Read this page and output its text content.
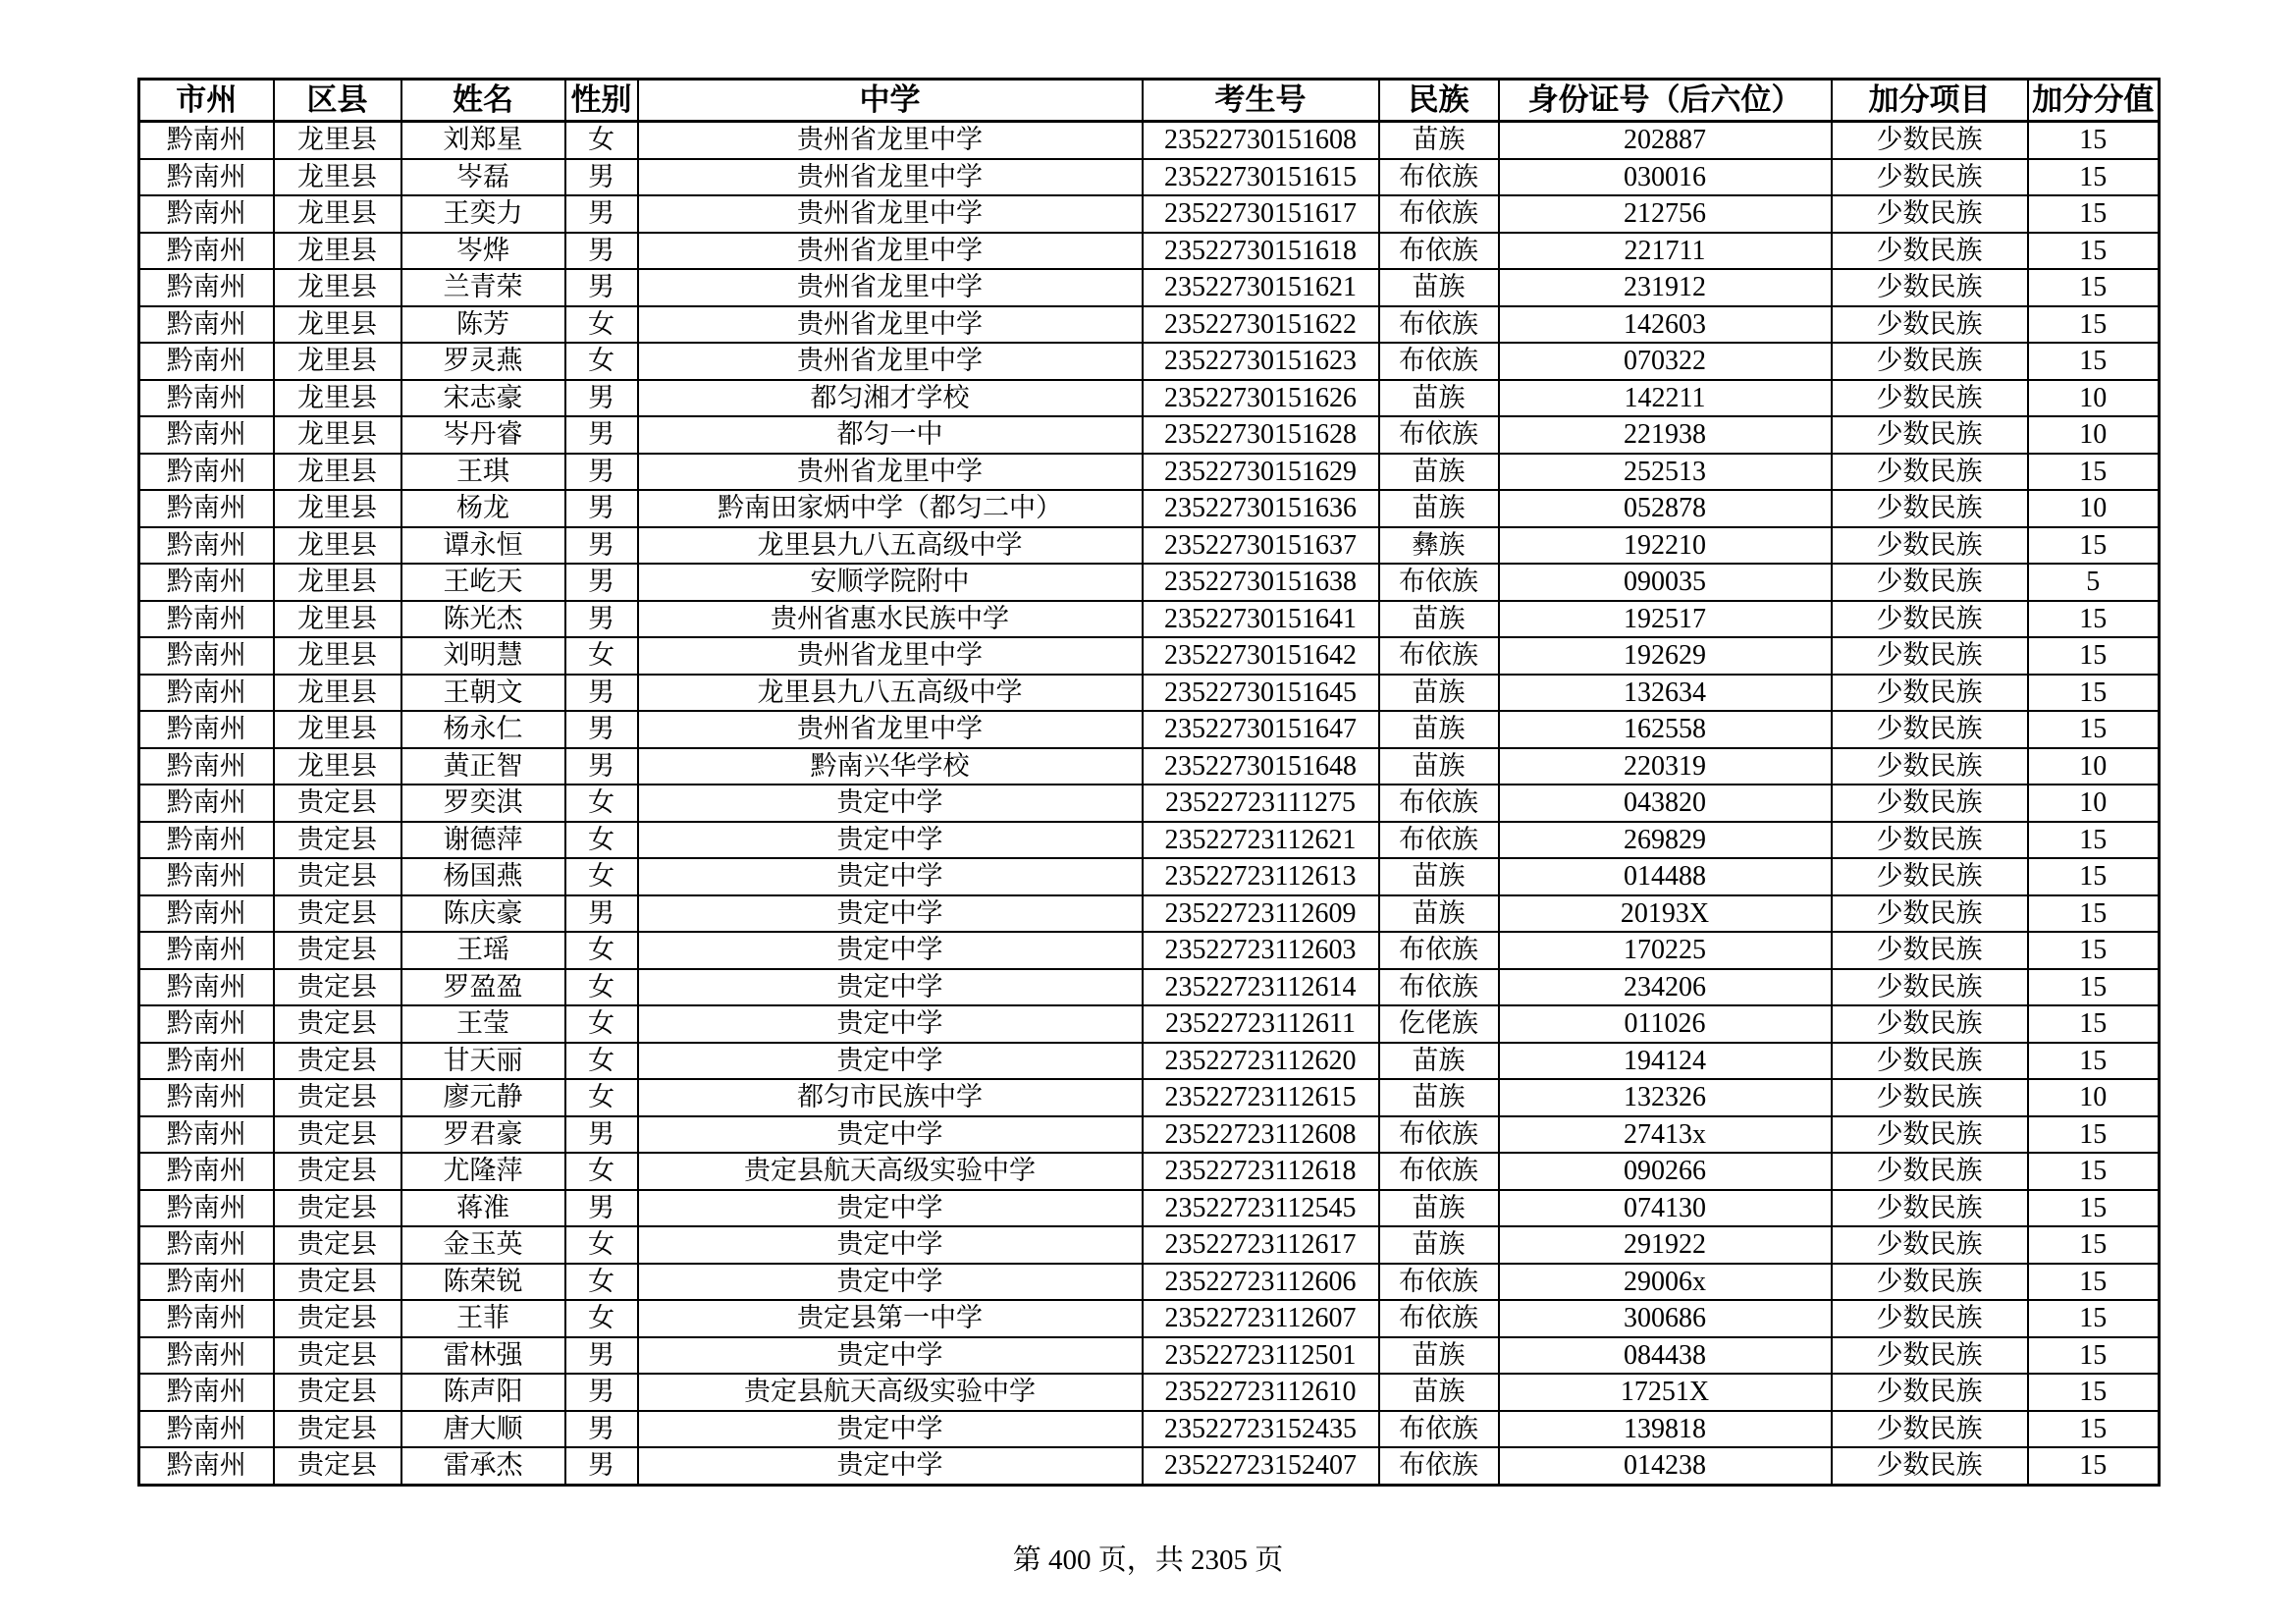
市州	区县	姓名	性别	中学	考生号	民族	身份证号（后六位）	加分项目	加分分值
黔南州	龙里县	刘郑星	女	贵州省龙里中学	23522730151608	苗族	202887	少数民族	15
黔南州	龙里县	岑磊	男	贵州省龙里中学	23522730151615	布依族	030016	少数民族	15
黔南州	龙里县	王奕力	男	贵州省龙里中学	23522730151617	布依族	212756	少数民族	15
黔南州	龙里县	岑烨	男	贵州省龙里中学	23522730151618	布依族	221711	少数民族	15
黔南州	龙里县	兰青荣	男	贵州省龙里中学	23522730151621	苗族	231912	少数民族	15
黔南州	龙里县	陈芳	女	贵州省龙里中学	23522730151622	布依族	142603	少数民族	15
黔南州	龙里县	罗灵燕	女	贵州省龙里中学	23522730151623	布依族	070322	少数民族	15
黔南州	龙里县	宋志豪	男	都匀湘才学校	23522730151626	苗族	142211	少数民族	10
黔南州	龙里县	岑丹睿	男	都匀一中	23522730151628	布依族	221938	少数民族	10
黔南州	龙里县	王琪	男	贵州省龙里中学	23522730151629	苗族	252513	少数民族	15
黔南州	龙里县	杨龙	男	黔南田家炳中学（都匀二中）	23522730151636	苗族	052878	少数民族	10
黔南州	龙里县	谭永恒	男	龙里县九八五高级中学	23522730151637	彝族	192210	少数民族	15
黔南州	龙里县	王屹天	男	安顺学院附中	23522730151638	布依族	090035	少数民族	5
黔南州	龙里县	陈光杰	男	贵州省惠水民族中学	23522730151641	苗族	192517	少数民族	15
黔南州	龙里县	刘明慧	女	贵州省龙里中学	23522730151642	布依族	192629	少数民族	15
黔南州	龙里县	王朝文	男	龙里县九八五高级中学	23522730151645	苗族	132634	少数民族	15
黔南州	龙里县	杨永仁	男	贵州省龙里中学	23522730151647	苗族	162558	少数民族	15
黔南州	龙里县	黄正智	男	黔南兴华学校	23522730151648	苗族	220319	少数民族	10
黔南州	贵定县	罗奕淇	女	贵定中学	23522723111275	布依族	043820	少数民族	10
黔南州	贵定县	谢德萍	女	贵定中学	23522723112621	布依族	269829	少数民族	15
黔南州	贵定县	杨国燕	女	贵定中学	23522723112613	苗族	014488	少数民族	15
黔南州	贵定县	陈庆豪	男	贵定中学	23522723112609	苗族	20193X	少数民族	15
黔南州	贵定县	王瑶	女	贵定中学	23522723112603	布依族	170225	少数民族	15
黔南州	贵定县	罗盈盈	女	贵定中学	23522723112614	布依族	234206	少数民族	15
黔南州	贵定县	王莹	女	贵定中学	23522723112611	仡佬族	011026	少数民族	15
黔南州	贵定县	甘天丽	女	贵定中学	23522723112620	苗族	194124	少数民族	15
黔南州	贵定县	廖元静	女	都匀市民族中学	23522723112615	苗族	132326	少数民族	10
黔南州	贵定县	罗君豪	男	贵定中学	23522723112608	布依族	27413x	少数民族	15
黔南州	贵定县	尤隆萍	女	贵定县航天高级实验中学	23522723112618	布依族	090266	少数民族	15
黔南州	贵定县	蒋淮	男	贵定中学	23522723112545	苗族	074130	少数民族	15
黔南州	贵定县	金玉英	女	贵定中学	23522723112617	苗族	291922	少数民族	15
黔南州	贵定县	陈荣锐	女	贵定中学	23522723112606	布依族	29006x	少数民族	15
黔南州	贵定县	王菲	女	贵定县第一中学	23522723112607	布依族	300686	少数民族	15
黔南州	贵定县	雷林强	男	贵定中学	23522723112501	苗族	084438	少数民族	15
黔南州	贵定县	陈声阳	男	贵定县航天高级实验中学	23522723112610	苗族	17251X	少数民族	15
黔南州	贵定县	唐大顺	男	贵定中学	23522723152435	布依族	139818	少数民族	15
黔南州	贵定县	雷承杰	男	贵定中学	23522723152407	布依族	014238	少数民族	15
第 400 页，共 2305 页
